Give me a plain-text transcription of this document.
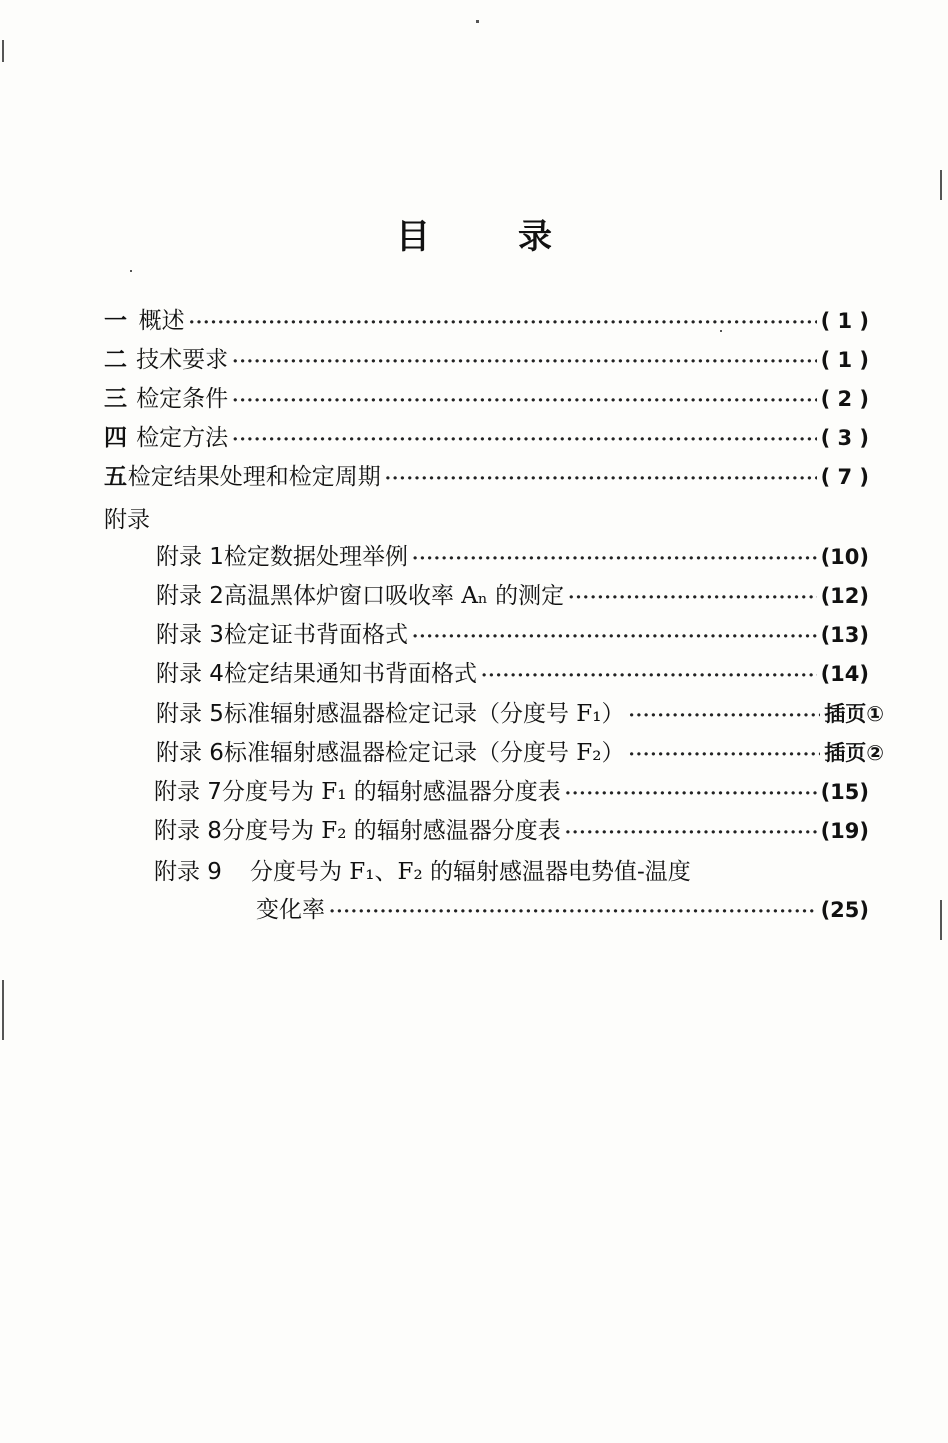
目录
一 概述 ·····	( 1 )
二 技术要求 ·····	( 1 )
三 检定条件 ·····	( 2 )
四 检定方法 ·····	( 3 )
五 检定结果处理和检定周期 ·····	( 7 )
附录
附录 1 检定数据处理举例 ·····	(10)
附录 2 高温黑体炉窗口吸收率 Aₙ 的测定 ·····	(12)
附录 3 检定证书背面格式 ·····	(13)
附录 4 检定结果通知书背面格式 ·····	(14)
附录 5 标准辐射感温器检定记录（分度号 F₁） ·····	插页①
附录 6 标准辐射感温器检定记录（分度号 F₂） ·····	插页②
附录 7 分度号为 F₁ 的辐射感温器分度表 ·····	(15)
附录 8 分度号为 F₂ 的辐射感温器分度表 ·····	(19)
附录 9	分度号为 F₁、F₂ 的辐射感温器电势值-温度
变化率 ·····	(25)
